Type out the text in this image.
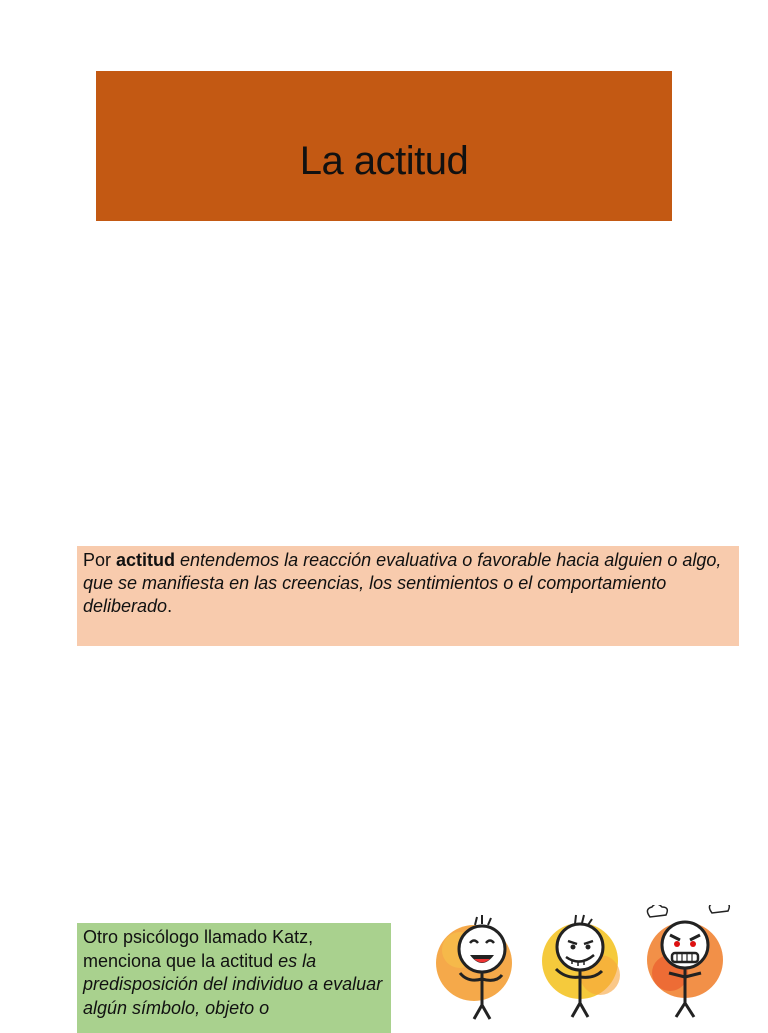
La actitud
Por actitud entendemos la reacción evaluativa o favorable hacia alguien o algo, que se manifiesta en las creencias, los sentimientos o el comportamiento deliberado.
Otro psicólogo llamado Katz, menciona que la actitud es la predisposición del individuo a evaluar algún símbolo, objeto o
